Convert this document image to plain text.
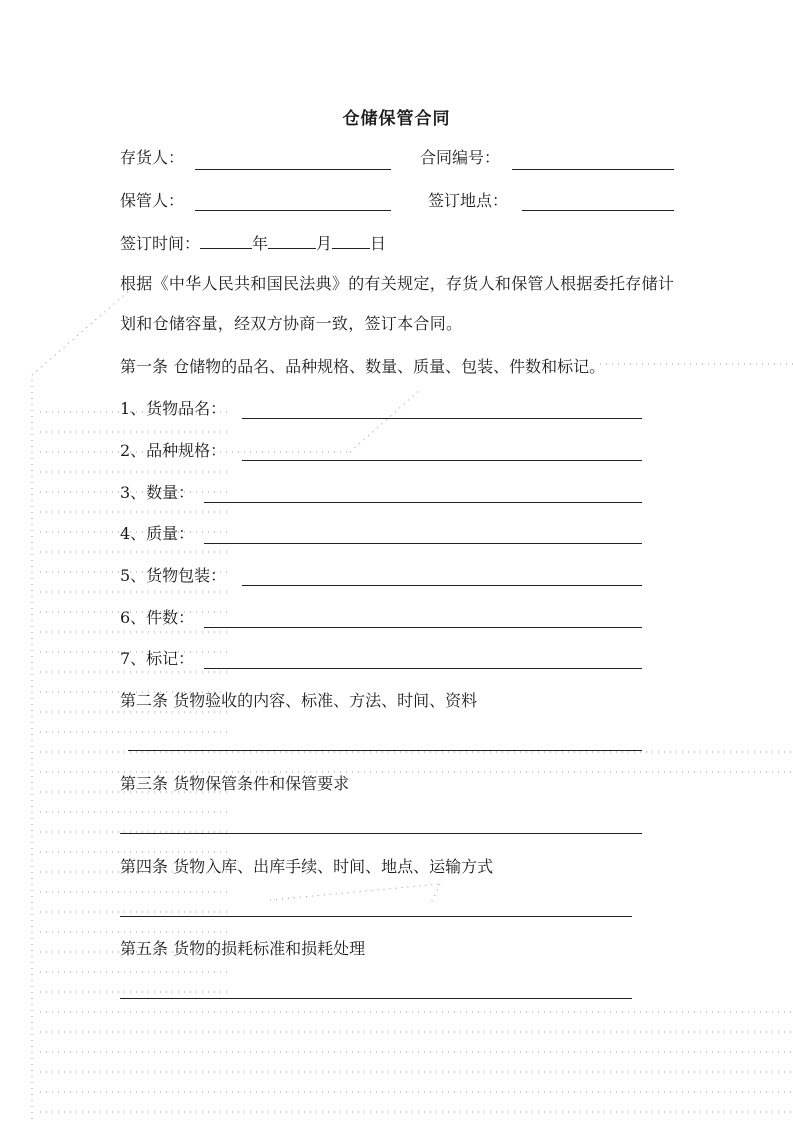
仓储保管合同
存货人：	合同编号：
保管人：	签订地点：
签订时间：	年	月 日
根据《中华人民共和国民法典》的有关规定，存货人和保管人根据委托存储计划和仓储容量，经双方协商一致，签订本合同。
第一条 仓储物的品名、品种规格、数量、质量、包装、件数和标记。
1、货物品名：
2、品种规格：
3、数量：
4、质量：
5、货物包装：
6、件数：
7、标记：
第二条 货物验收的内容、标准、方法、时间、资料
第三条 货物保管条件和保管要求
第四条 货物入库、出库手续、时间、地点、运输方式
第五条 货物的损耗标准和损耗处理
